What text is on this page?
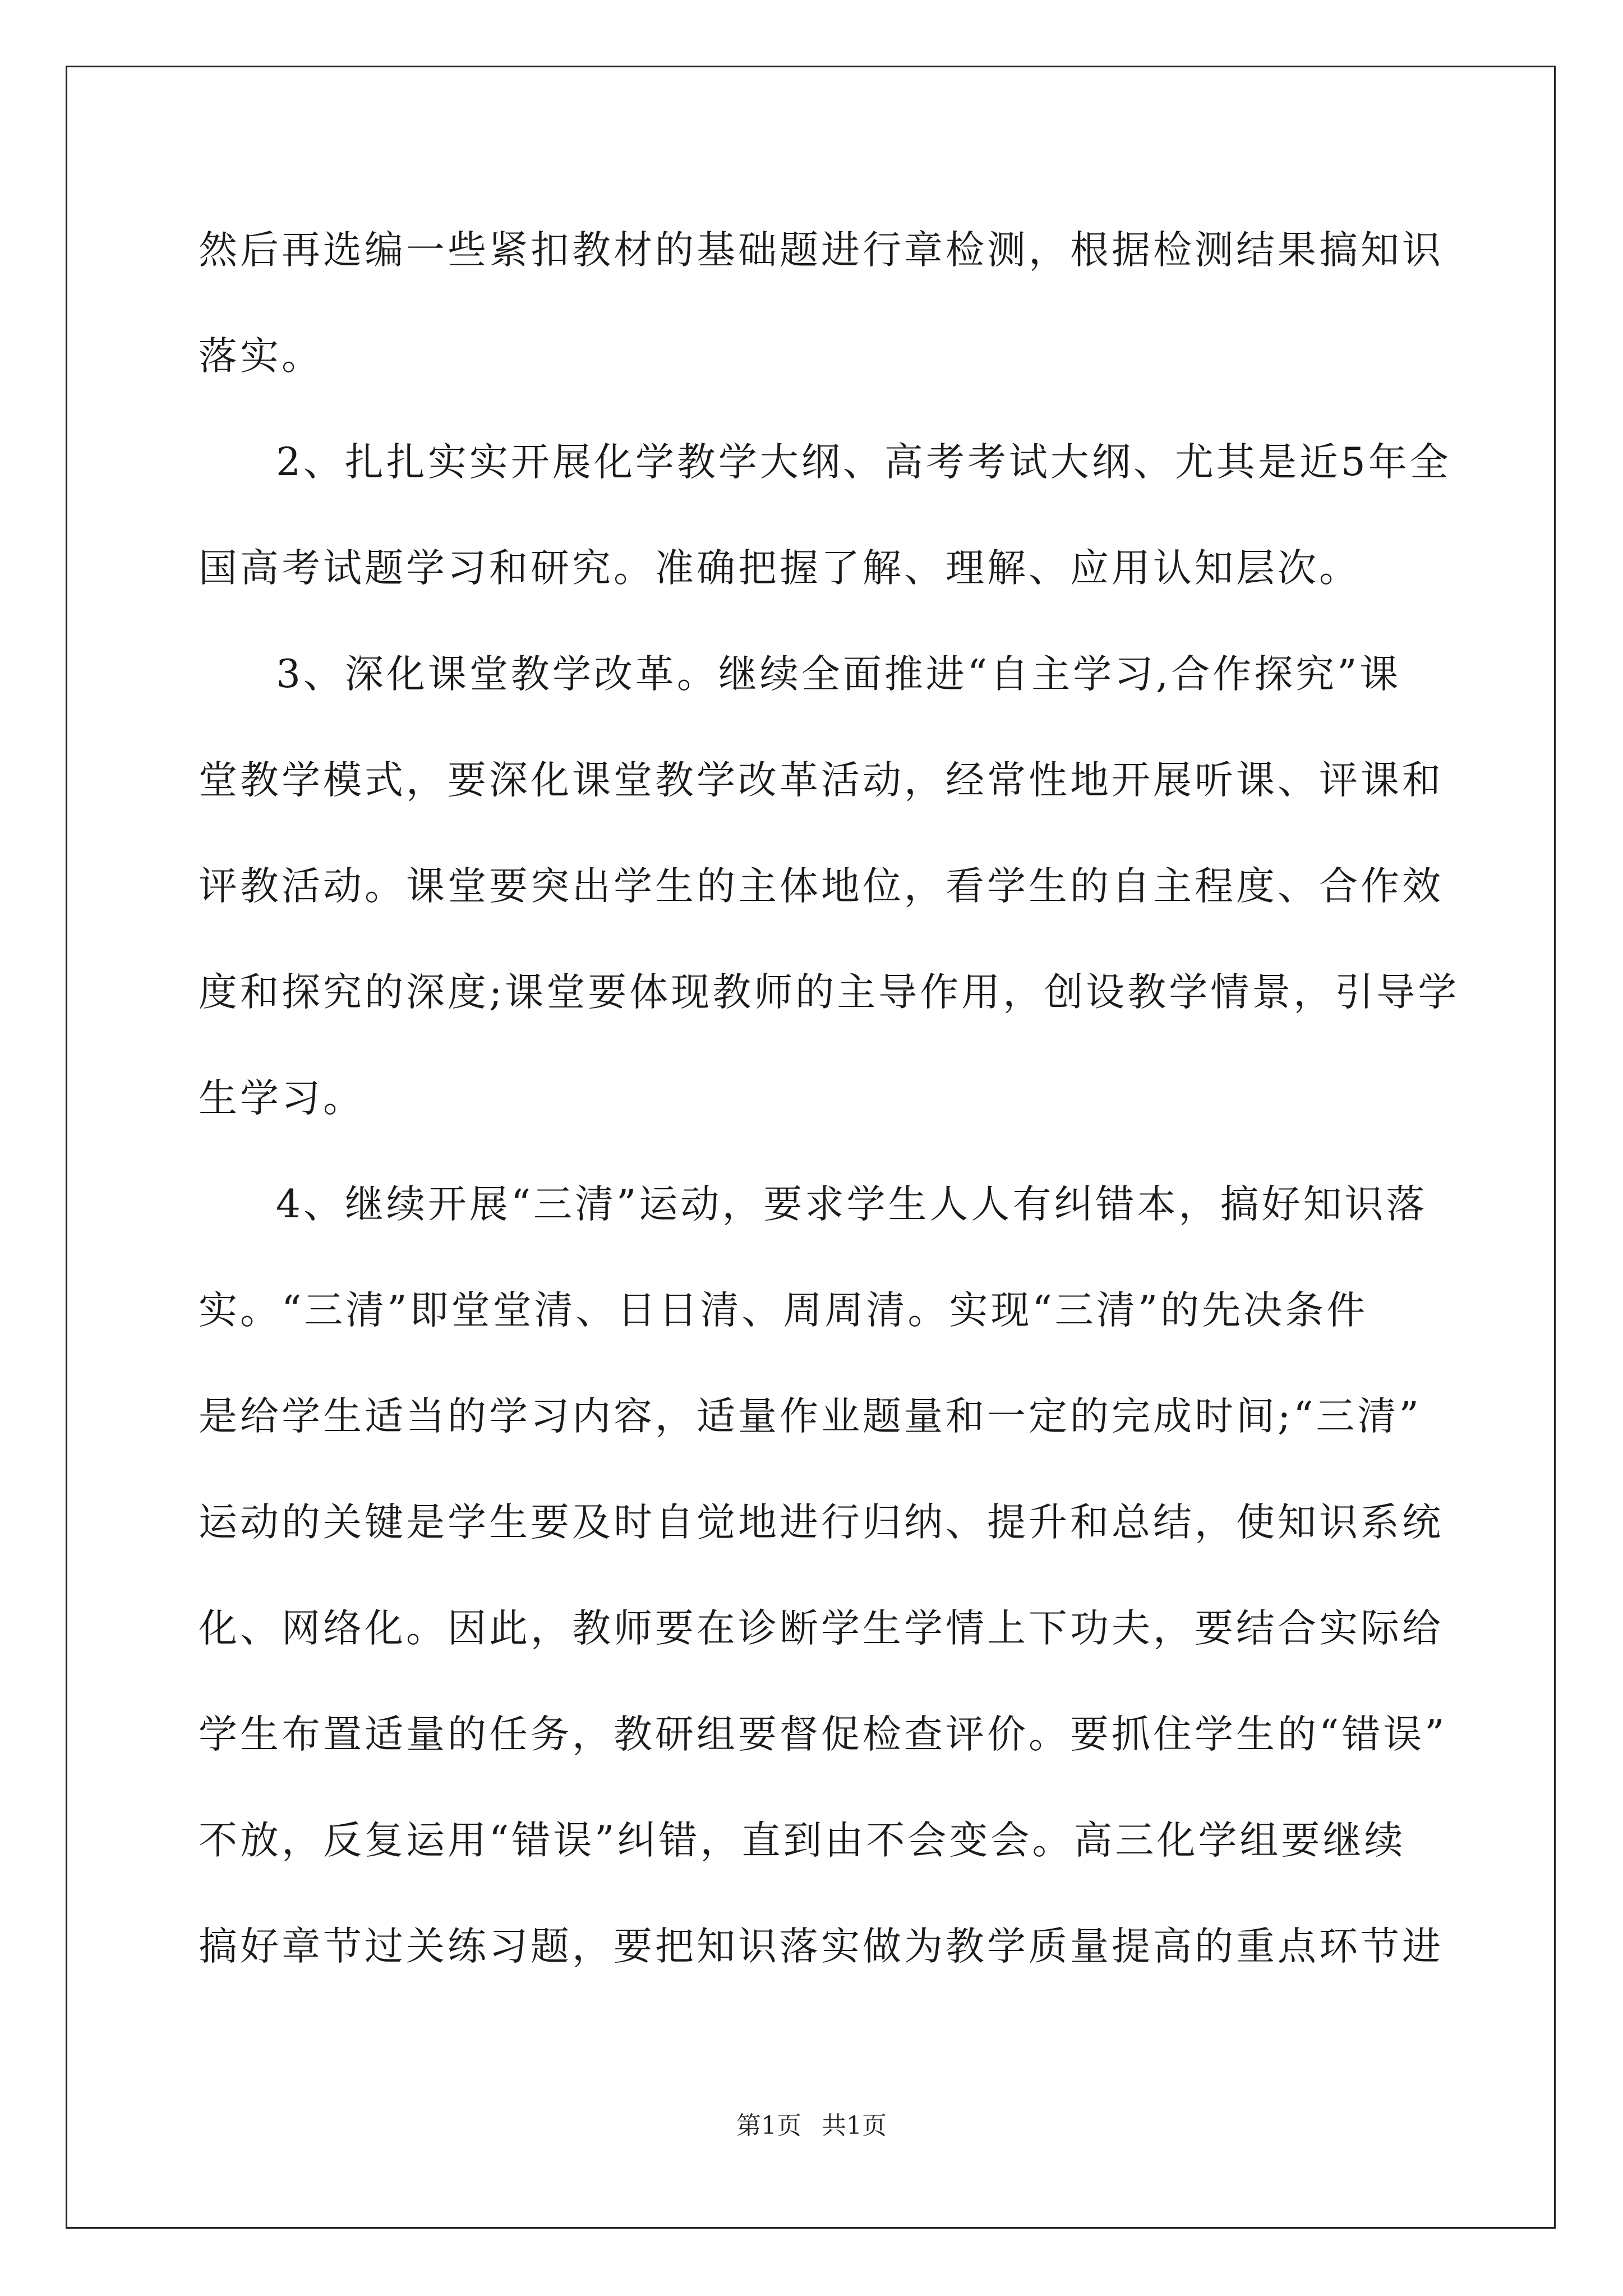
然后再选编一些紧扣教材的基础题进行章检测，根据检测结果搞知识
落实。
2、扎扎实实开展化学教学大纲、高考考试大纲、尤其是近5年全
国高考试题学习和研究。准确把握了解、理解、应用认知层次。
3、深化课堂教学改革。继续全面推进“自主学习,合作探究”课
堂教学模式，要深化课堂教学改革活动，经常性地开展听课、评课和
评教活动。课堂要突出学生的主体地位，看学生的自主程度、合作效
度和探究的深度;课堂要体现教师的主导作用，创设教学情景，引导学
生学习。
4、继续开展“三清”运动，要求学生人人有纠错本，搞好知识落
实。“三清”即堂堂清、日日清、周周清。实现“三清”的先决条件
是给学生适当的学习内容，适量作业题量和一定的完成时间;“三清”
运动的关键是学生要及时自觉地进行归纳、提升和总结，使知识系统
化、网络化。因此，教师要在诊断学生学情上下功夫，要结合实际给
学生布置适量的任务，教研组要督促检查评价。要抓住学生的“错误”
不放，反复运用“错误”纠错，直到由不会变会。高三化学组要继续
搞好章节过关练习题，要把知识落实做为教学质量提高的重点环节进
第1页 共1页
